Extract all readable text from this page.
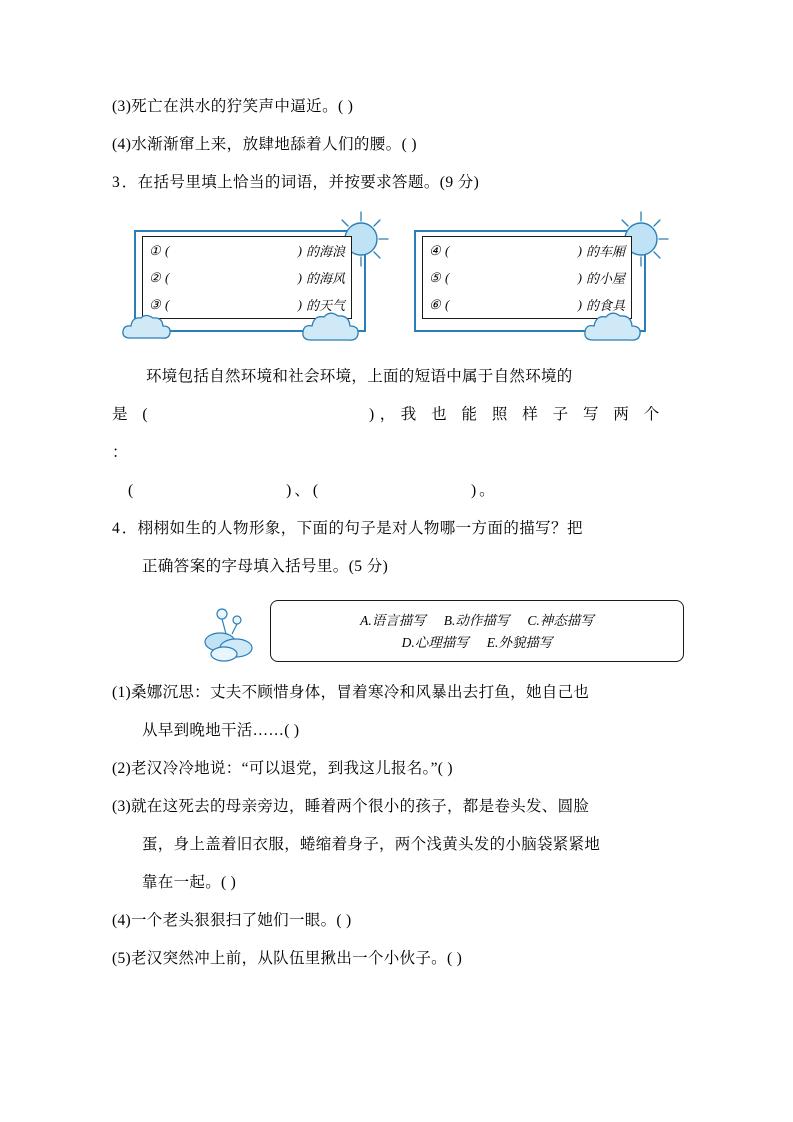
(3)死亡在洪水的狞笑声中逼近。( )
(4)水渐渐窜上来，放肆地舔着人们的腰。( )
3．在括号里填上恰当的词语，并按要求答题。(9 分)
① (	) 的海浪
② (	) 的海风
③ (	) 的天气
④ (	) 的车厢
⑤ (	) 的小屋
⑥ (	) 的食具
环境包括自然环境和社会环境，上面的短语中属于自然环境的
是 (	)，我 也 能 照 样 子 写 两 个 ：
(	)、(	)。
4．栩栩如生的人物形象，下面的句子是对人物哪一方面的描写？把
正确答案的字母填入括号里。(5 分)
A.语言描写 B.动作描写 C.神态描写
D.心理描写 E.外貌描写
(1)桑娜沉思：丈夫不顾惜身体，冒着寒冷和风暴出去打鱼，她自己也
从早到晚地干活……( )
(2)老汉冷冷地说：“可以退党，到我这儿报名。”( )
(3)就在这死去的母亲旁边，睡着两个很小的孩子，都是卷头发、圆脸
蛋，身上盖着旧衣服，蜷缩着身子，两个浅黄头发的小脑袋紧紧地
靠在一起。( )
(4)一个老头狠狠扫了她们一眼。( )
(5)老汉突然冲上前，从队伍里揪出一个小伙子。( )
